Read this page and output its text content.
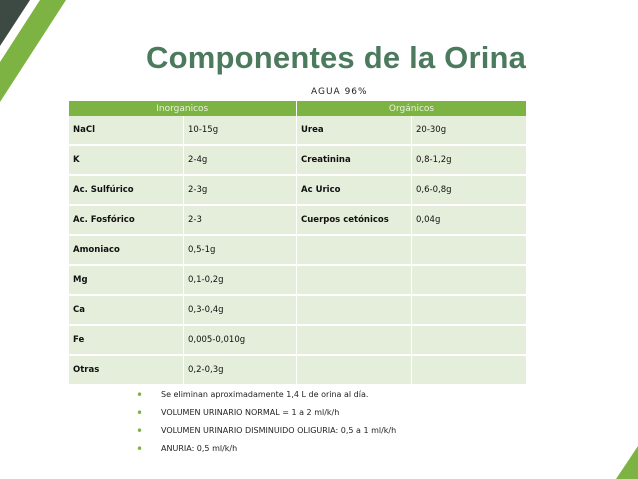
Componentes de la Orina
AGUA 96%
Inorganicos		Orgánicos	
NaCl	10-15g	Urea	20-30g
K	2-4g	Creatinina	0,8-1,2g
Ac. Sulfúrico	2-3g	Ac Urico	0,6-0,8g
Ac. Fosfórico	2-3	Cuerpos cetónicos	0,04g
Amoniaco	0,5-1g		
Mg	0,1-0,2g		
Ca	0,3-0,4g		
Fe	0,005-0,010g		
Otras	0,2-0,3g		
• Se eliminan aproximadamente 1,4 L de orina al día.
• VOLUMEN URINARIO NORMAL = 1 a 2 ml/k/h
• VOLUMEN URINARIO DISMINUIDO OLIGURIA: 0,5 a 1 ml/k/h
• ANURIA: 0,5 ml/k/h
